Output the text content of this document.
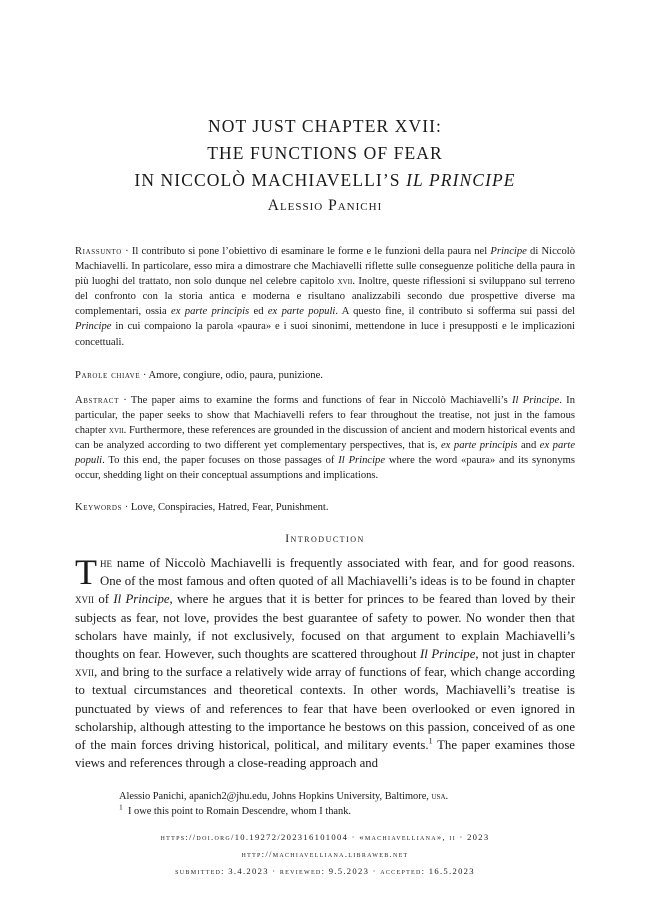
NOT JUST CHAPTER XVII:
THE FUNCTIONS OF FEAR
IN NICCOLÒ MACHIAVELLI’S IL PRINCIPE
Alessio Panichi
Riassunto · Il contributo si pone l’obiettivo di esaminare le forme e le funzioni della paura nel Principe di Niccolò Machiavelli. In particolare, esso mira a dimostrare che Machiavelli riflette sulle conseguenze politiche della paura in più luoghi del trattato, non solo dunque nel celebre capitolo xvii. Inoltre, queste riflessioni si sviluppano sul terreno del confronto con la storia antica e moderna e risultano analizzabili secondo due prospettive diverse ma complementari, ossia ex parte principis ed ex parte populi. A questo fine, il contributo si sofferma sui passi del Principe in cui compaiono la parola «paura» e i suoi sinonimi, mettendone in luce i presupposti e le implicazioni concettuali.
Parole chiave · Amore, congiure, odio, paura, punizione.
Abstract · The paper aims to examine the forms and functions of fear in Niccolò Machiavelli’s Il Principe. In particular, the paper seeks to show that Machiavelli refers to fear throughout the treatise, not just in the famous chapter xvii. Furthermore, these references are grounded in the discussion of ancient and modern historical events and can be analyzed according to two different yet complementary perspectives, that is, ex parte principis and ex parte populi. To this end, the paper focuses on those passages of Il Principe where the word «paura» and its synonyms occur, shedding light on their conceptual assumptions and implications.
Keywords · Love, Conspiracies, Hatred, Fear, Punishment.
Introduction
The name of Niccolò Machiavelli is frequently associated with fear, and for good reasons. One of the most famous and often quoted of all Machiavelli’s ideas is to be found in chapter xvii of Il Principe, where he argues that it is better for princes to be feared than loved by their subjects as fear, not love, provides the best guarantee of safety to power. No wonder then that scholars have mainly, if not exclusively, focused on that argument to explain Machiavelli’s thoughts on fear. However, such thoughts are scattered throughout Il Principe, not just in chapter xvii, and bring to the surface a relatively wide array of functions of fear, which change according to textual circumstances and theoretical contexts. In other words, Machiavelli’s treatise is punctuated by views of and references to fear that have been overlooked or even ignored in scholarship, although attesting to the importance he bestows on this passion, conceived of as one of the main forces driving historical, political, and military events.$^1$ The paper examines those views and references through a close-reading approach and
Alessio Panichi, apanich2@jhu.edu, Johns Hopkins University, Baltimore, usa.
$^1$ I owe this point to Romain Descendre, whom I thank.
https://doi.org/10.19272/202316101004 · «machiavelliana», ii · 2023
http://machiavelliana.libraweb.net
submitted: 3.4.2023 · reviewed: 9.5.2023 · accepted: 16.5.2023
